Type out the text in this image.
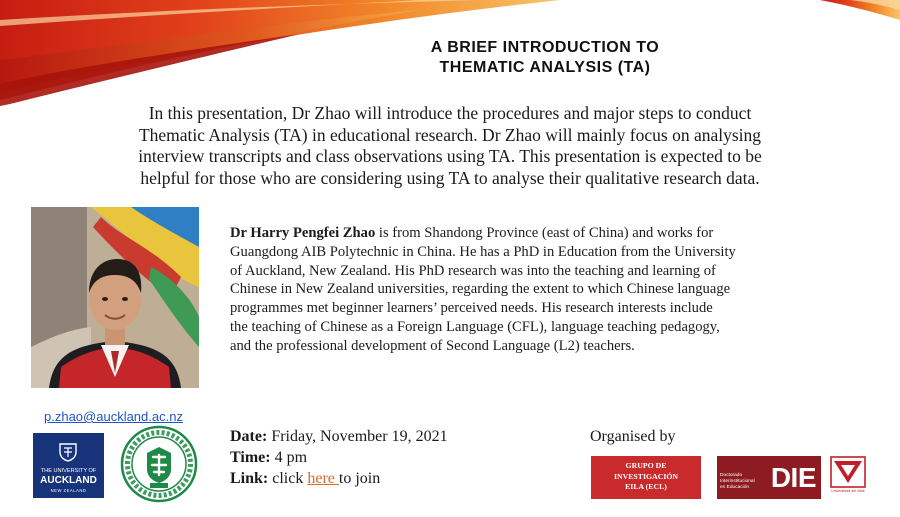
A BRIEF INTRODUCTION TO
THEMATIC ANALYSIS (TA)
In this presentation, Dr Zhao will introduce the procedures and major steps to conduct
Thematic Analysis (TA) in educational research. Dr Zhao will mainly focus on analysing
interview transcripts and class observations using TA. This presentation is expected to be
helpful for those who are considering using TA to analyse their qualitative research data.
Dr Harry Pengfei Zhao is from Shandong Province (east of China) and works for
Guangdong AIB Polytechnic in China. He has a PhD in Education from the University
of Auckland, New Zealand. His PhD research was into the teaching and learning of
Chinese in New Zealand universities, regarding the extent to which Chinese language
programmes met beginner learners’ perceived needs. His research interests include
the teaching of Chinese as a Foreign Language (CFL), language teaching pedagogy,
and the professional development of Second Language (L2) teachers.
p.zhao@auckland.ac.nz
THE UNIVERSITY OF
AUCKLAND
NEW ZEALAND
Date: Friday, November 19, 2021
Time: 4 pm
Link: click here to join
Organised by
GRUPO DE
INVESTIGACIÓN
EILA (ECL)
Doctorado Interinstitucional en Educación DIE	Universidad del Valle
